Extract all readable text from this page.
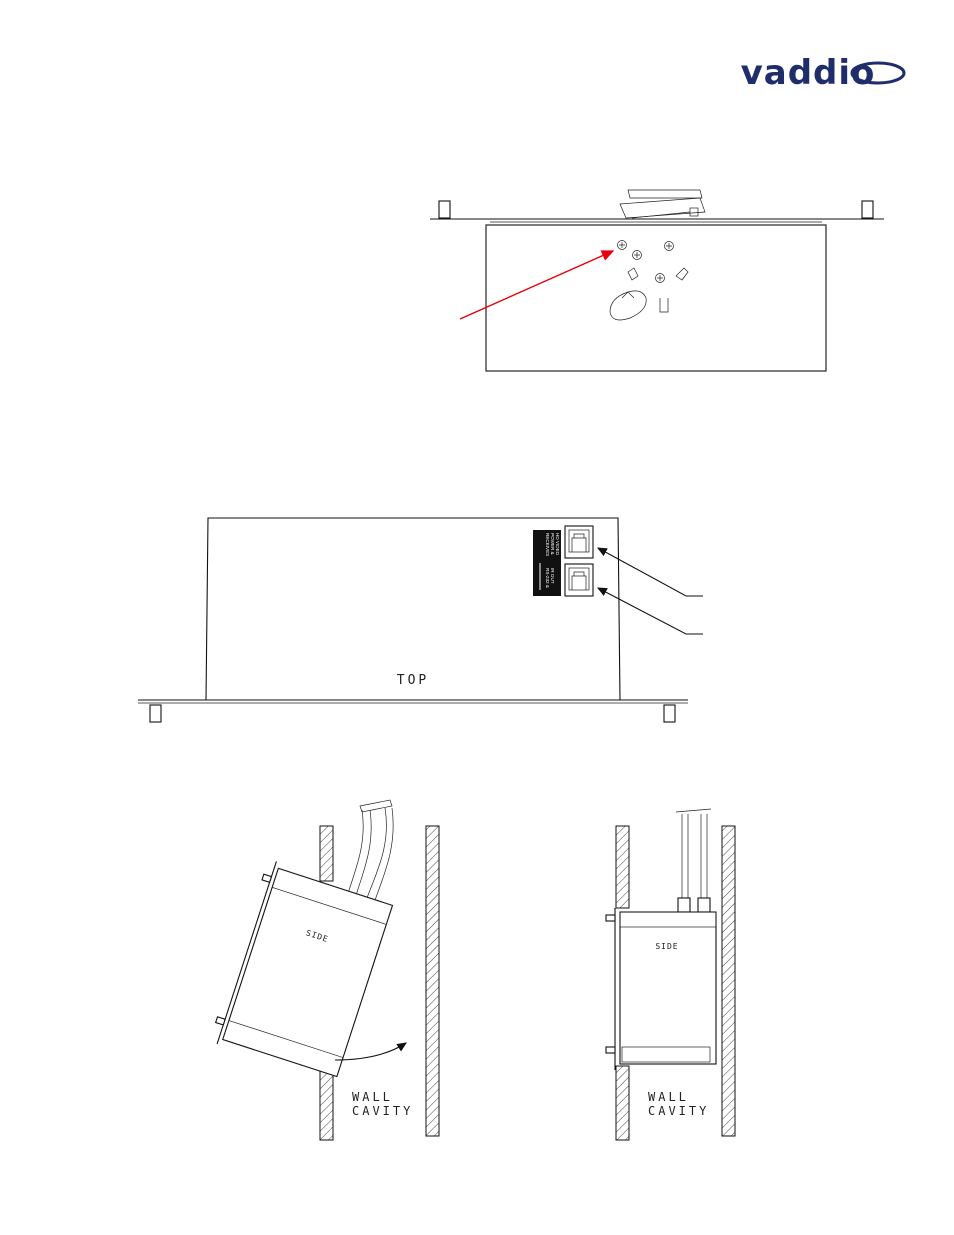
vaddio
TOP
RECEIVES POWER & HD VIDEO
RS-232 & IR OUT
SIDE
WALL
CAVITY
SIDE
WALL
CAVITY
